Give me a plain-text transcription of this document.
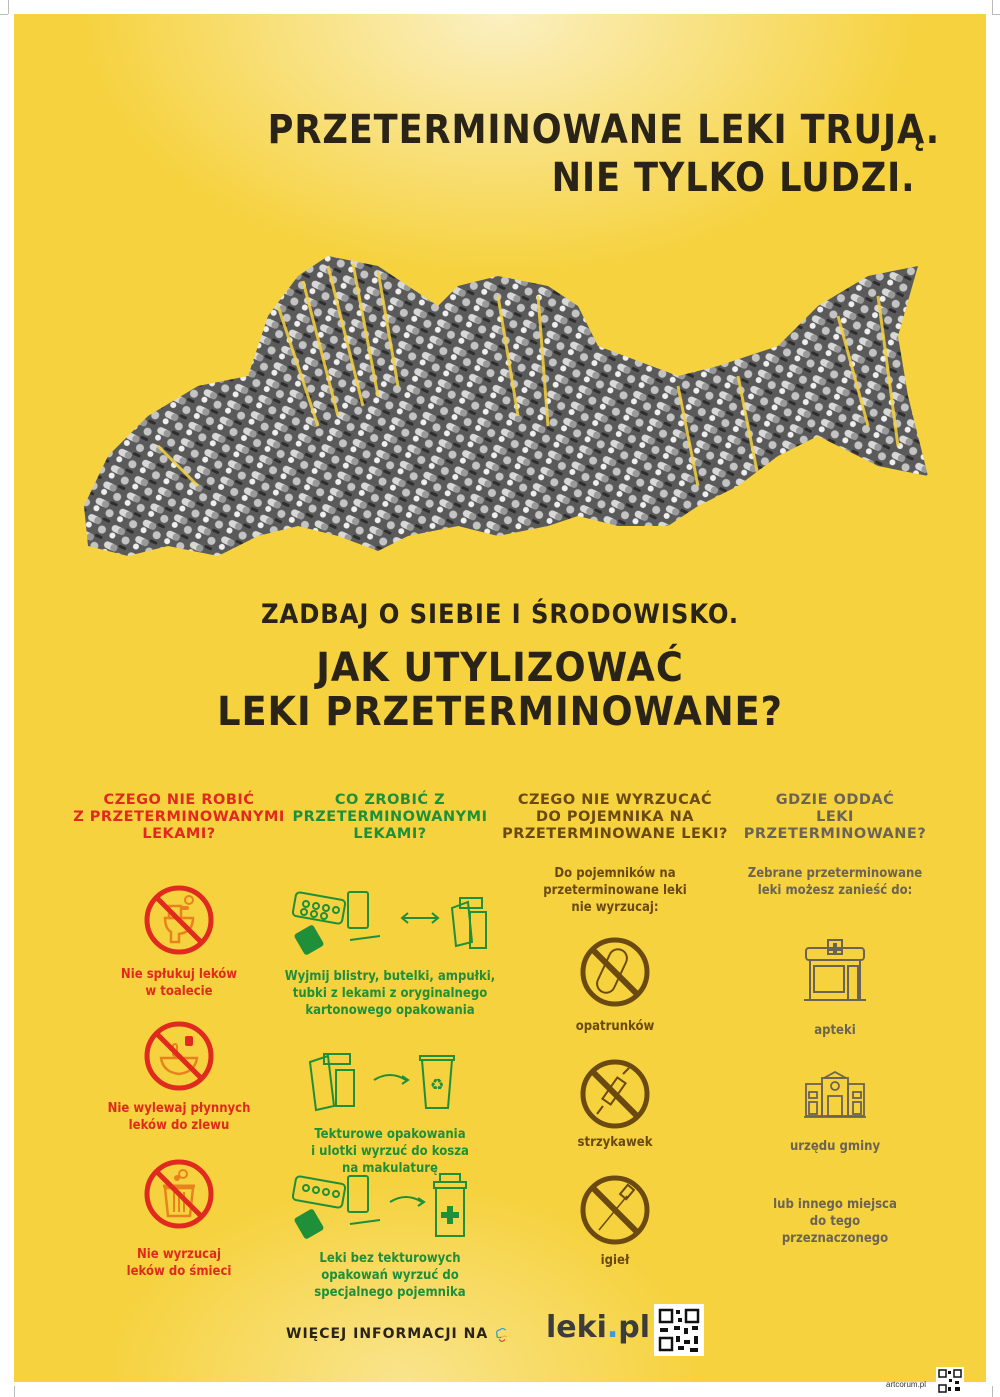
PRZETERMINOWANE LEKI TRUJĄ.
NIE TYLKO LUDZI.
ZADBAJ O SIEBIE I ŚRODOWISKO.
JAK UTYLIZOWAĆ
LEKI PRZETERMINOWANE?
CZEGO NIE ROBIĆ
Z PRZETERMINOWANYMI
LEKAMI?
Nie spłukuj leków
w toalecie
Nie wylewaj płynnych
leków do zlewu
Nie wyrzucaj
leków do śmieci
CO ZROBIĆ Z
PRZETERMINOWANYMI
LEKAMI?
Wyjmij blistry, butelki, ampułki,
tubki z lekami z oryginalnego
kartonowego opakowania
♻
Tekturowe opakowania
i ulotki wyrzuć do kosza
na makulaturę
Leki bez tekturowych
opakowań wyrzuć do
specjalnego pojemnika
CZEGO NIE WYRZUCAĆ
DO POJEMNIKA NA
PRZETERMINOWANE LEKI?
Do pojemników na
przeterminowane leki
nie wyrzucaj:
opatrunków
strzykawek
igieł
GDZIE ODDAĆ
LEKI
PRZETERMINOWANE?
Zebrane przeterminowane
leki możesz zanieść do:
apteki
urzędu gminy
lub innego miejsca
do tego
przeznaczonego
WIĘCEJ INFORMACJI NA leki.pl
artcorum.pl
